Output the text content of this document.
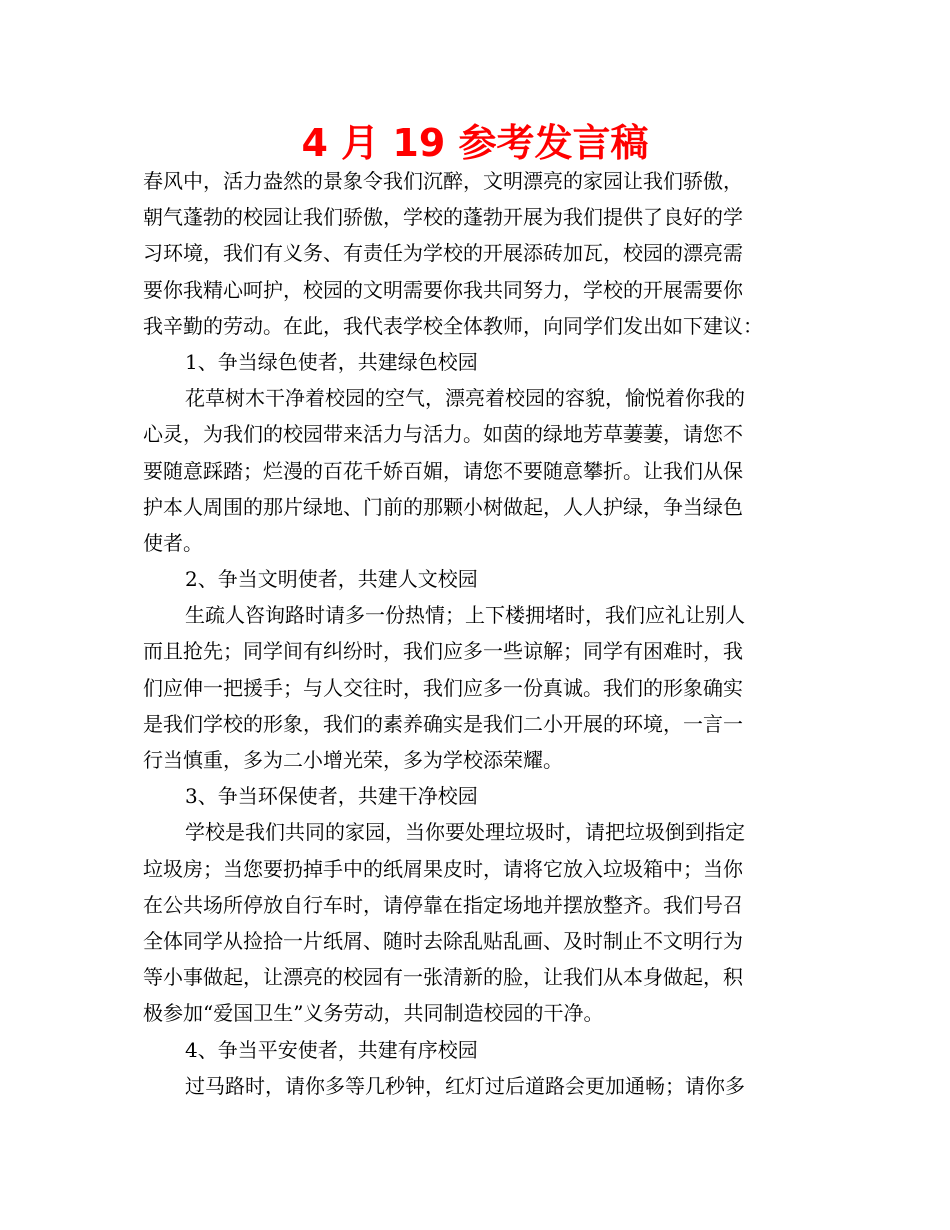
4 月 19 参考发言稿
春风中，活力盎然的景象令我们沉醉，文明漂亮的家园让我们骄傲，
朝气蓬勃的校园让我们骄傲，学校的蓬勃开展为我们提供了良好的学
习环境，我们有义务、有责任为学校的开展添砖加瓦，校园的漂亮需
要你我精心呵护，校园的文明需要你我共同努力，学校的开展需要你
我辛勤的劳动。在此，我代表学校全体教师，向同学们发出如下建议：
1、争当绿色使者，共建绿色校园
花草树木干净着校园的空气，漂亮着校园的容貌，愉悦着你我的
心灵，为我们的校园带来活力与活力。如茵的绿地芳草萋萋，请您不
要随意踩踏；烂漫的百花千娇百媚，请您不要随意攀折。让我们从保
护本人周围的那片绿地、门前的那颗小树做起，人人护绿，争当绿色
使者。
2、争当文明使者，共建人文校园
生疏人咨询路时请多一份热情；上下楼拥堵时，我们应礼让别人
而且抢先；同学间有纠纷时，我们应多一些谅解；同学有困难时，我
们应伸一把援手；与人交往时，我们应多一份真诚。我们的形象确实
是我们学校的形象，我们的素养确实是我们二小开展的环境，一言一
行当慎重，多为二小增光荣，多为学校添荣耀。
3、争当环保使者，共建干净校园
学校是我们共同的家园，当你要处理垃圾时，请把垃圾倒到指定
垃圾房；当您要扔掉手中的纸屑果皮时，请将它放入垃圾箱中；当你
在公共场所停放自行车时，请停靠在指定场地并摆放整齐。我们号召
全体同学从捡拾一片纸屑、随时去除乱贴乱画、及时制止不文明行为
等小事做起，让漂亮的校园有一张清新的脸，让我们从本身做起，积
极参加“爱国卫生”义务劳动，共同制造校园的干净。
4、争当平安使者，共建有序校园
过马路时，请你多等几秒钟，红灯过后道路会更加通畅；请你多
